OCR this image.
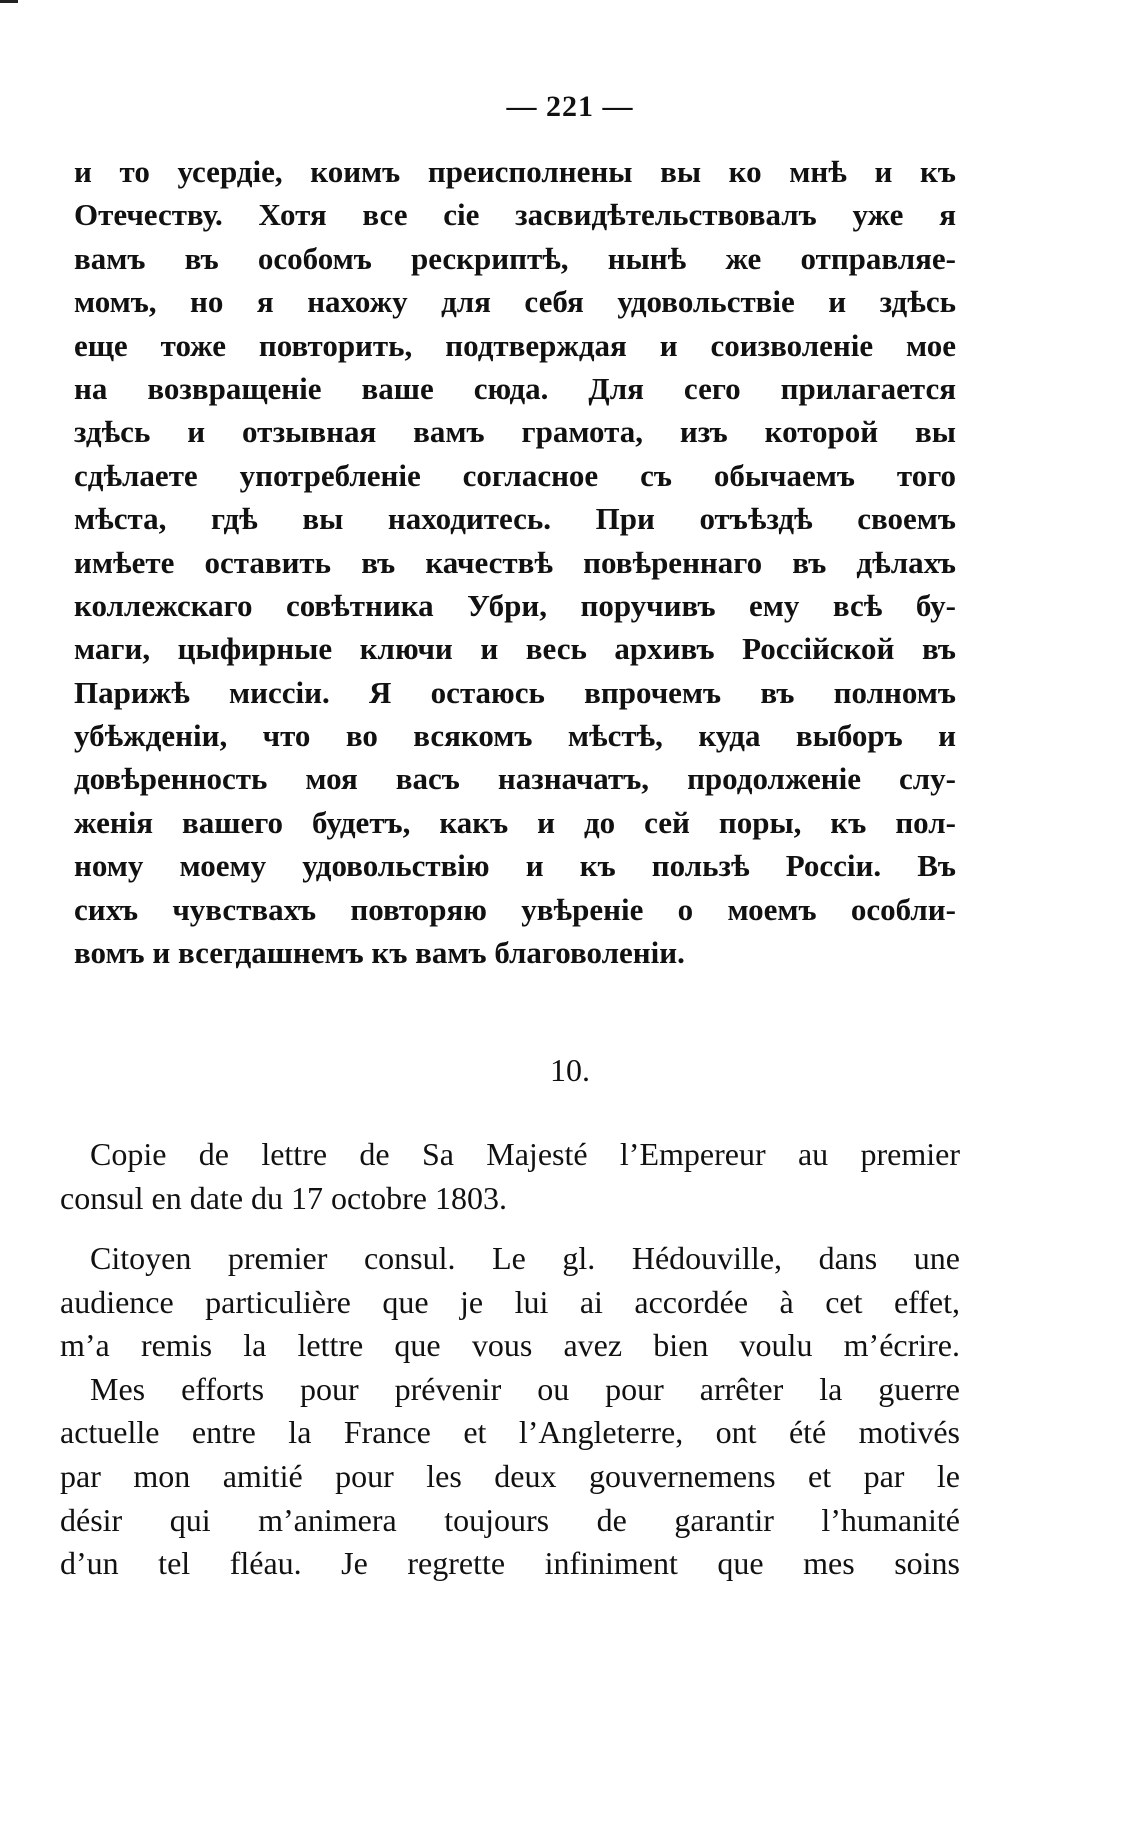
— 221 —
и то усердіе, коимъ преисполнены вы ко мнѣ и къ
Отечеству. Хотя все сіе засвидѣтельствовалъ уже я
вамъ въ особомъ рескриптѣ, нынѣ же отправляе-
момъ, но я нахожу для себя удовольствіе и здѣсь
еще тоже повторить, подтверждая и соизволеніе мое
на возвращеніе ваше сюда. Для сего прилагается
здѣсь и отзывная вамъ грамота, изъ которой вы
сдѣлаете употребленіе согласное съ обычаемъ того
мѣста, гдѣ вы находитесь. При отъѣздѣ своемъ
имѣете оставить въ качествѣ повѣреннаго въ дѣлахъ
коллежскаго совѣтника Убри, поручивъ ему всѣ бу-
маги, цыфирные ключи и весь архивъ Россійской въ
Парижѣ миссіи. Я остаюсь впрочемъ въ полномъ
убѣжденіи, что во всякомъ мѣстѣ, куда выборъ и
довѣренность моя васъ назначатъ, продолженіе слу-
женія вашего будетъ, какъ и до сей поры, къ пол-
ному моему удовольствію и къ пользѣ Россіи. Въ
сихъ чувствахъ повторяю увѣреніе о моемъ особли-
вомъ и всегдашнемъ къ вамъ благоволеніи.
10.
Copie de lettre de Sa Majesté l’Empereur au premier
consul en date du 17 octobre 1803.
Citoyen premier consul. Le gl. Hédouville, dans une
audience particulière que je lui ai accordée à cet effet,
m’a remis la lettre que vous avez bien voulu m’écrire.
Mes efforts pour prévenir ou pour arrêter la guerre
actuelle entre la France et l’Angleterre, ont été motivés
par mon amitié pour les deux gouvernemens et par le
désir qui m’animera toujours de garantir l’humanité
d’un tel fléau. Je regrette infiniment que mes soins
